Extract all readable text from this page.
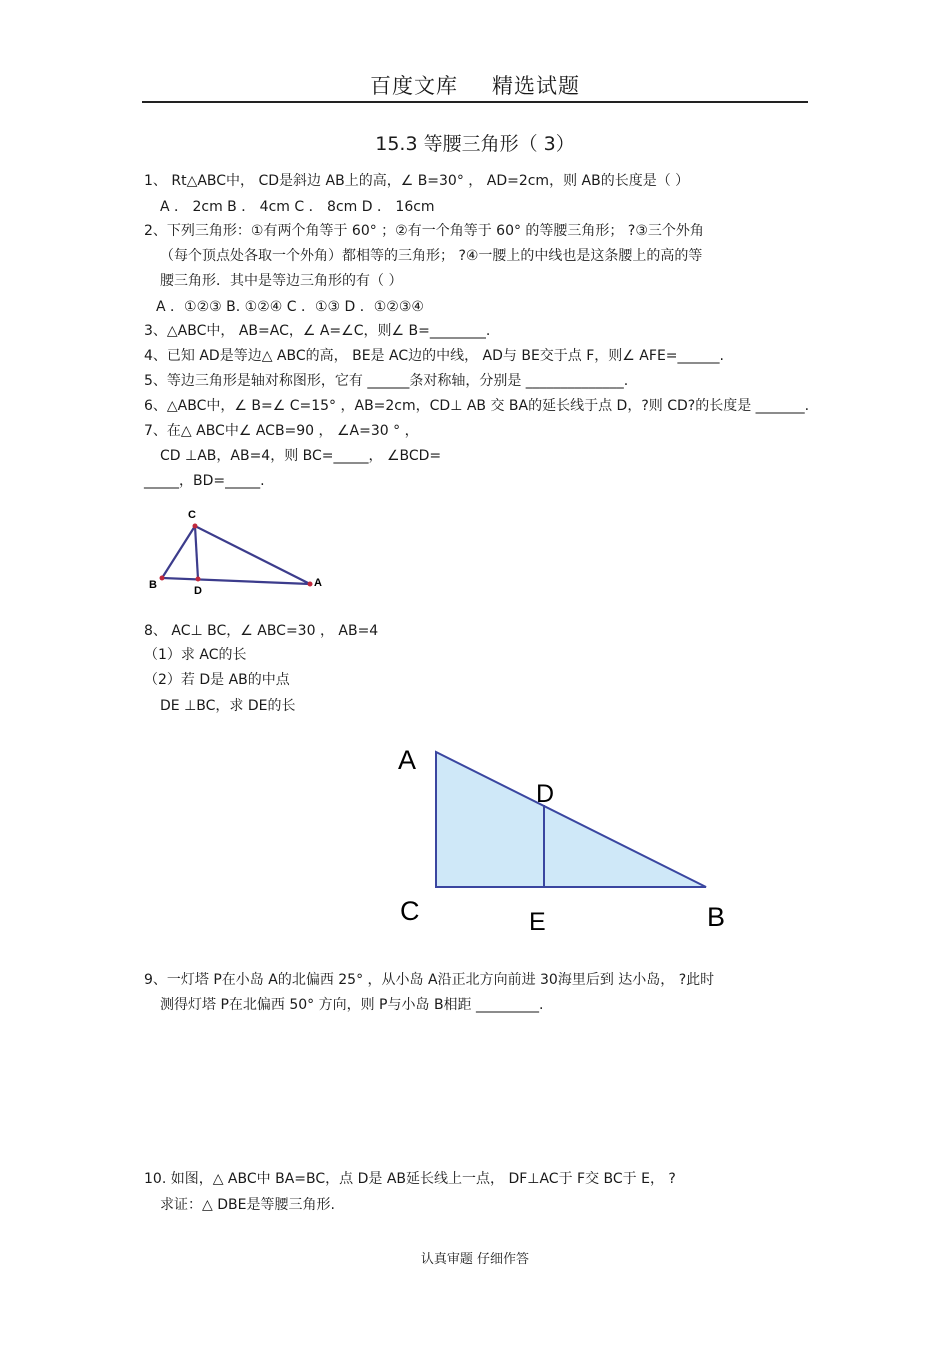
百度文库 精选试题
15.3 等腰三角形（ 3）
1、 Rt△ABC中， CD是斜边 AB上的高，∠ B=30° ， AD=2cm，则 AB的长度是（ ）
A ． 2cm B ． 4cm C ． 8cm D ． 16cm
2、下列三角形：①有两个角等于 60° ；②有一个角等于 60° 的等腰三角形； ?③三个外角
（每个顶点处各取一个外角）都相等的三角形； ?④一腰上的中线也是这条腰上的高的等
腰三角形．其中是等边三角形的有（ ）
A ．①②③ B. ①②④ C ．①③ D ．①②③④
3、△ABC中， AB=AC，∠ A=∠C，则∠ B=________.
4、已知 AD是等边△ ABC的高， BE是 AC边的中线， AD与 BE交于点 F，则∠ AFE=______.
5、等边三角形是轴对称图形，它有 ______条对称轴，分别是 ______________.
6、△ABC中，∠ B=∠ C=15° ，AB=2cm，CD⊥ AB 交 BA的延长线于点 D，?则 CD?的长度是 _______.
7、在△ ABC中∠ ACB=90 ， ∠A=30 ° ，
CD ⊥AB，AB=4，则 BC=_____， ∠BCD=
_____，BD=_____.
C
B	D
A
8、 AC⊥ BC，∠ ABC=30 ， AB=4
（1）求 AC的长
（2）若 D是 AB的中点
DE ⊥BC，求 DE的长
A
D
C	E	B
9、一灯塔 P在小岛 A的北偏西 25° ，从小岛 A沿正北方向前进 30海里后到 达小岛， ?此时
测得灯塔 P在北偏西 50° 方向，则 P与小岛 B相距 _________.
10. 如图，△ ABC中 BA=BC，点 D是 AB延长线上一点， DF⊥AC于 F交 BC于 E， ?
求证：△ DBE是等腰三角形.
认真审题 仔细作答
